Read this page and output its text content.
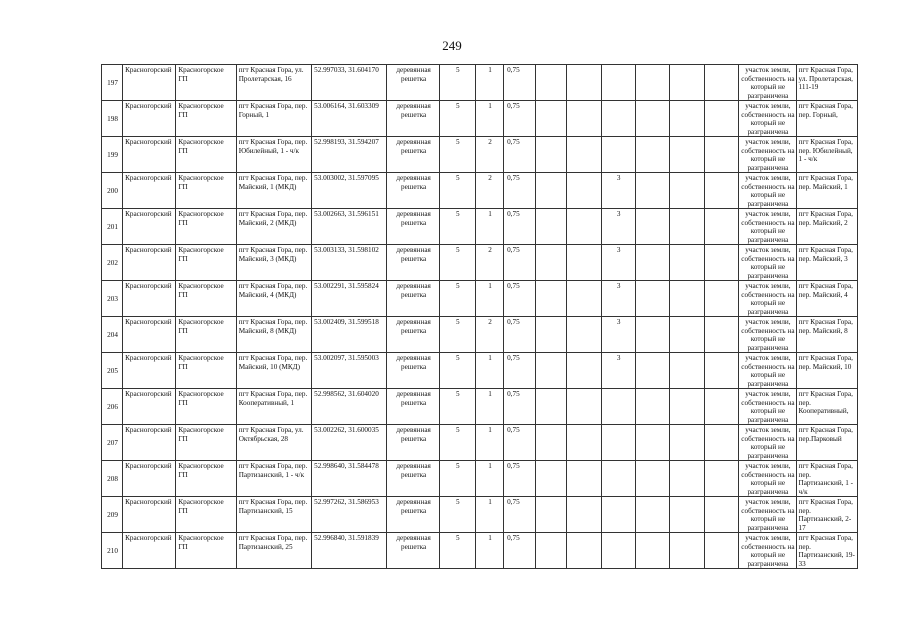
249
197	Красногорский	Красногорское ГП	пгт Красная Гора, ул. Пролетарская, 16	52.997033, 31.604170	деревянная решетка	5	1	0,75							участок земли, собственность на который не разграничена	пгт Красная Гора, ул. Пролетарская, 111-19
198	Красногорский	Красногорское ГП	пгт Красная Гора, пер. Горный, 1	53.006164, 31.603309	деревянная решетка	5	1	0,75							участок земли, собственность на который не разграничена	пгт Красная Гора, пер. Горный,
199	Красногорский	Красногорское ГП	пгт Красная Гора, пер. Юбилейный, 1 - ч/к	52.998193, 31.594207	деревянная решетка	5	2	0,75							участок земли, собственность на который не разграничена	пгт Красная Гора, пер. Юбилейный, 1 - ч/к
200	Красногорский	Красногорское ГП	пгт Красная Гора, пер. Майский, 1 (МКД)	53.003002, 31.597095	деревянная решетка	5	2	0,75			3				участок земли, собственность на который не разграничена	пгт Красная Гора, пер. Майский, 1
201	Красногорский	Красногорское ГП	пгт Красная Гора, пер. Майский, 2 (МКД)	53.002663, 31.596151	деревянная решетка	5	1	0,75			3				участок земли, собственность на который не разграничена	пгт Красная Гора, пер. Майский, 2
202	Красногорский	Красногорское ГП	пгт Красная Гора, пер. Майский, 3 (МКД)	53.003133, 31.598102	деревянная решетка	5	2	0,75			3				участок земли, собственность на который не разграничена	пгт Красная Гора, пер. Майский, 3
203	Красногорский	Красногорское ГП	пгт Красная Гора, пер. Майский, 4 (МКД)	53.002291, 31.595824	деревянная решетка	5	1	0,75			3				участок земли, собственность на который не разграничена	пгт Красная Гора, пер. Майский, 4
204	Красногорский	Красногорское ГП	пгт Красная Гора, пер. Майский, 8 (МКД)	53.002409, 31.599518	деревянная решетка	5	2	0,75			3				участок земли, собственность на который не разграничена	пгт Красная Гора, пер. Майский, 8
205	Красногорский	Красногорское ГП	пгт Красная Гора, пер. Майский, 10 (МКД)	53.002097, 31.595003	деревянная решетка	5	1	0,75			3				участок земли, собственность на который не разграничена	пгт Красная Гора, пер. Майский, 10
206	Красногорский	Красногорское ГП	пгт Красная Гора, пер. Кооперативный, 1	52.998562, 31.604020	деревянная решетка	5	1	0,75							участок земли, собственность на который не разграничена	пгт Красная Гора, пер. Кооперативный,
207	Красногорский	Красногорское ГП	пгт Красная Гора, ул. Октябрьская, 28	53.002262, 31.600035	деревянная решетка	5	1	0,75							участок земли, собственность на который не разграничена	пгт Красная Гора, пер.Парковый
208	Красногорский	Красногорское ГП	пгт Красная Гора, пер. Партизанский, 1 - ч/к	52.998640, 31.584478	деревянная решетка	5	1	0,75							участок земли, собственность на который не разграничена	пгт Красная Гора, пер. Партизанский, 1 - ч/к
209	Красногорский	Красногорское ГП	пгт Красная Гора, пер. Партизанский, 15	52.997262, 31.586953	деревянная решетка	5	1	0,75							участок земли, собственность на который не разграничена	пгт Красная Гора, пер. Партизанский, 2-17
210	Красногорский	Красногорское ГП	пгт Красная Гора, пер. Партизанский, 25	52.996840, 31.591839	деревянная решетка	5	1	0,75							участок земли, собственность на который не разграничена	пгт Красная Гора, пер. Партизанский, 19-33
